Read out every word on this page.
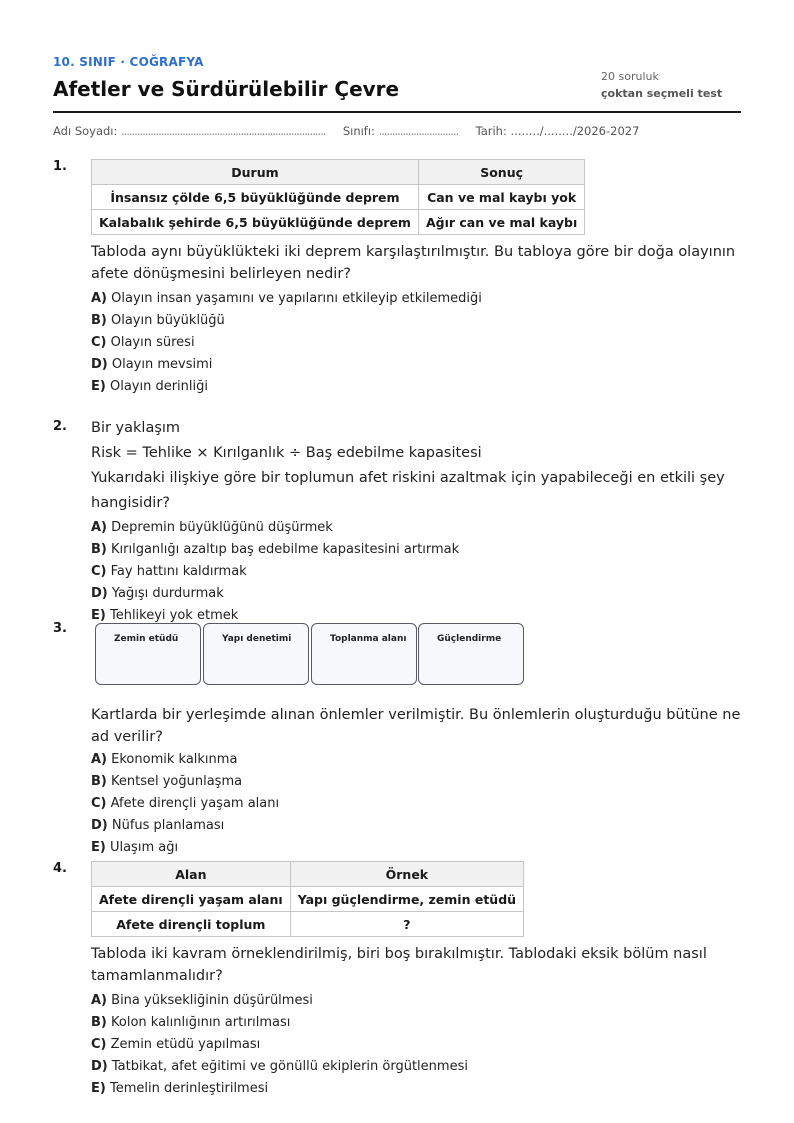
10. SINIF · COĞRAFYA
Afetler ve Sürdürülebilir Çevre
20 soruluk
çoktan seçmeli test
Adı Soyadı: ............................................................................. Sınıfı: .............................. Tarih: ......../......../2026-2027
1.	Durum	Sonuç
İnsansız çölde 6,5 büyüklüğünde deprem	Can ve mal kaybı yok
Kalabalık şehirde 6,5 büyüklüğünde deprem	Ağır can ve mal kaybı

Tabloda aynı büyüklükteki iki deprem karşılaştırılmıştır. Bu tabloya göre bir doğa olayının afete dönüşmesini belirleyen nedir?

A) Olayın insan yaşamını ve yapılarını etkileyip etkilemediği
B) Olayın büyüklüğü
C) Olayın süresi
D) Olayın mevsimi
E) Olayın derinliği
2. Bir yaklaşım

Risk = Tehlike × Kırılganlık ÷ Baş edebilme kapasitesi

Yukarıdaki ilişkiye göre bir toplumun afet riskini azaltmak için yapabileceği en etkili şey hangisidir?

A) Depremin büyüklüğünü düşürmek
B) Kırılganlığı azaltıp baş edebilme kapasitesini artırmak
C) Fay hattını kaldırmak
D) Yağışı durdurmak
E) Tehlikeyi yok etmek
3.
Zemin etüdü	Yapı denetimi	Toplanma alanı	Güçlendirme

Kartlarda bir yerleşimde alınan önlemler verilmiştir. Bu önlemlerin oluşturduğu bütüne ne ad verilir?

A) Ekonomik kalkınma
B) Kentsel yoğunlaşma
C) Afete dirençli yaşam alanı
D) Nüfus planlaması
E) Ulaşım ağı
4.	Alan	Örnek
Afete dirençli yaşam alanı	Yapı güçlendirme, zemin etüdü
Afete dirençli toplum	?

Tabloda iki kavram örneklendirilmiş, biri boş bırakılmıştır. Tablodaki eksik bölüm nasıl tamamlanmalıdır?

A) Bina yüksekliğinin düşürülmesi
B) Kolon kalınlığının artırılması
C) Zemin etüdü yapılması
D) Tatbikat, afet eğitimi ve gönüllü ekiplerin örgütlenmesi
E) Temelin derinleştirilmesi
